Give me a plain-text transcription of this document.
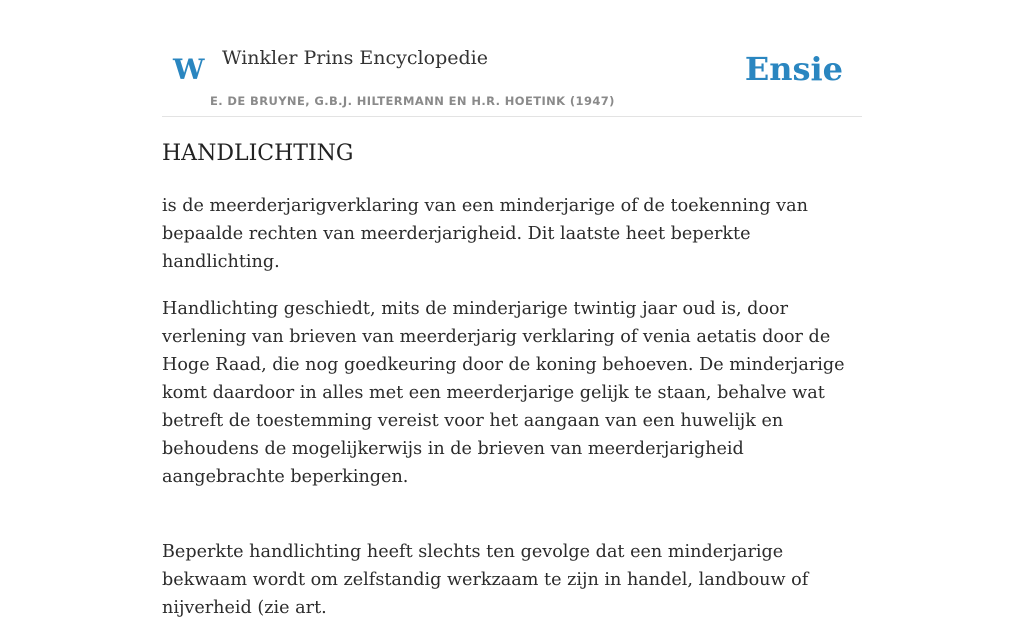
W Winkler Prins Encyclopedie
E. DE BRUYNE, G.B.J. HILTERMANN EN H.R. HOETINK (1947)
Ensie
HANDLICHTING

is de meerderjarigverklaring van een minderjarige of de toekenning van bepaalde rechten van meerderjarigheid. Dit laatste heet beperkte handlichting.

Handlichting geschiedt, mits de minderjarige twintig jaar oud is, door verlening van brieven van meerderjarig verklaring of venia aetatis door de Hoge Raad, die nog goedkeuring door de koning behoeven. De minderjarige komt daardoor in alles met een meerderjarige gelijk te staan, behalve wat betreft de toestemming vereist voor het aangaan van een huwelijk en behoudens de mogelijkerwijs in de brieven van meerderjarigheid aangebrachte beperkingen.

Beperkte handlichting heeft slechts ten gevolge dat een minderjarige bekwaam wordt om zelfstandig werkzaam te zijn in handel, landbouw of nijverheid (zie art.
